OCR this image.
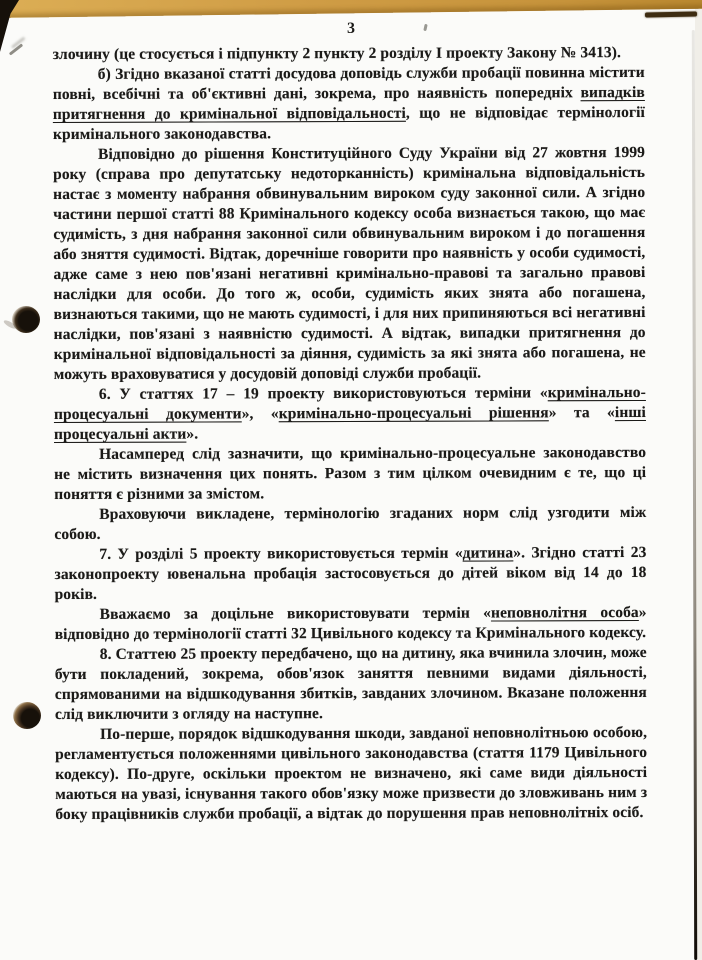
3

злочину (це стосується і підпункту 2 пункту 2 розділу І проекту Закону № 3413).

б) Згідно вказаної статті досудова доповідь служби пробації повинна містити повні, всебічні та об'єктивні дані, зокрема, про наявність попередніх випадків притягнення до кримінальної відповідальності, що не відповідає термінології кримінального законодавства.

Відповідно до рішення Конституційного Суду України від 27 жовтня 1999 року (справа про депутатську недоторканність) кримінальна відповідальність настає з моменту набрання обвинувальним вироком суду законної сили. А згідно частини першої статті 88 Кримінального кодексу особа визнається такою, що має судимість, з дня набрання законної сили обвинувальним вироком і до погашення або зняття судимості. Відтак, доречніше говорити про наявність у особи судимості, адже саме з нею пов'язані негативні кримінально-правові та загально правові наслідки для особи. До того ж, особи, судимість яких знята або погашена, визнаються такими, що не мають судимості, і для них припиняються всі негативні наслідки, пов'язані з наявністю судимості. А відтак, випадки притягнення до кримінальної відповідальності за діяння, судимість за які знята або погашена, не можуть враховуватися у досудовій доповіді служби пробації.

6. У статтях 17 – 19 проекту використовуються терміни «кримінально-процесуальні документи», «кримінально-процесуальні рішення» та «інші процесуальні акти».

Насамперед слід зазначити, що кримінально-процесуальне законодавство не містить визначення цих понять. Разом з тим цілком очевидним є те, що ці поняття є різними за змістом.

Враховуючи викладене, термінологію згаданих норм слід узгодити між собою.

7. У розділі 5 проекту використовується термін «дитина». Згідно статті 23 законопроекту ювенальна пробація застосовується до дітей віком від 14 до 18 років.

Вважаємо за доцільне використовувати термін «неповнолітня особа» відповідно до термінології статті 32 Цивільного кодексу та Кримінального кодексу.

8. Статтею 25 проекту передбачено, що на дитину, яка вчинила злочин, може бути покладений, зокрема, обов'язок заняття певними видами діяльності, спрямованими на відшкодування збитків, завданих злочином. Вказане положення слід виключити з огляду на наступне.

По-перше, порядок відшкодування шкоди, завданої неповнолітньою особою, регламентується положеннями цивільного законодавства (стаття 1179 Цивільного кодексу). По-друге, оскільки проектом не визначено, які саме види діяльності маються на увазі, існування такого обов'язку може призвести до зловживань ним з боку працівників служби пробації, а відтак до порушення прав неповнолітніх осіб.
